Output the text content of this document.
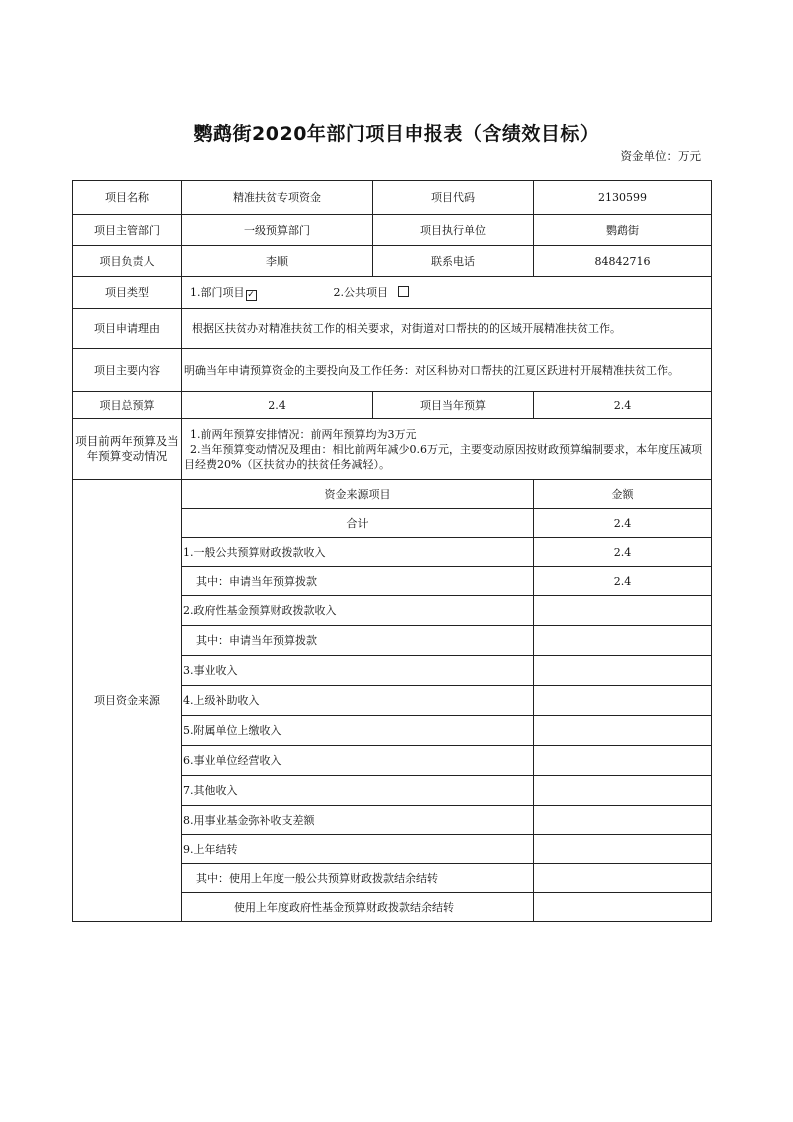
鹦鹉街2020年部门项目申报表（含绩效目标）
资金单位：万元
项目名称	精准扶贫专项资金	项目代码	2130599
项目主管部门	一级预算部门	项目执行单位	鹦鹉街
项目负责人	李顺	联系电话	84842716
项目类型	1.部门项目 ✓ 2.公共项目		
项目申请理由	根据区扶贫办对精准扶贫工作的相关要求，对街道对口帮扶的的区域开展精准扶贫工作。		
项目主要内容	明确当年申请预算资金的主要投向及工作任务：对区科协对口帮扶的江夏区跃进村开展精准扶贫工作。		
项目总预算	2.4	项目当年预算	2.4
项目前两年预算及当年预算变动情况	1.前两年预算安排情况：前两年预算均为3万元
2.当年预算变动情况及理由：相比前两年减少0.6万元，主要变动原因按财政预算编制要求，本年度压减项目经费20%（区扶贫办的扶贫任务减轻）。		

项目资金来源	资金来源项目		金额
	合计		2.4
	1.一般公共预算财政拨款收入		2.4
	其中：申请当年预算拨款		2.4
	2.政府性基金预算财政拨款收入		
	其中：申请当年预算拨款		
	3.事业收入		
	4.上级补助收入		
	5.附属单位上缴收入		
	6.事业单位经营收入		
	7.其他收入		
	8.用事业基金弥补收支差额		
	9.上年结转		
	其中：使用上年度一般公共预算财政拨款结余结转		
	使用上年度政府性基金预算财政拨款结余结转		
